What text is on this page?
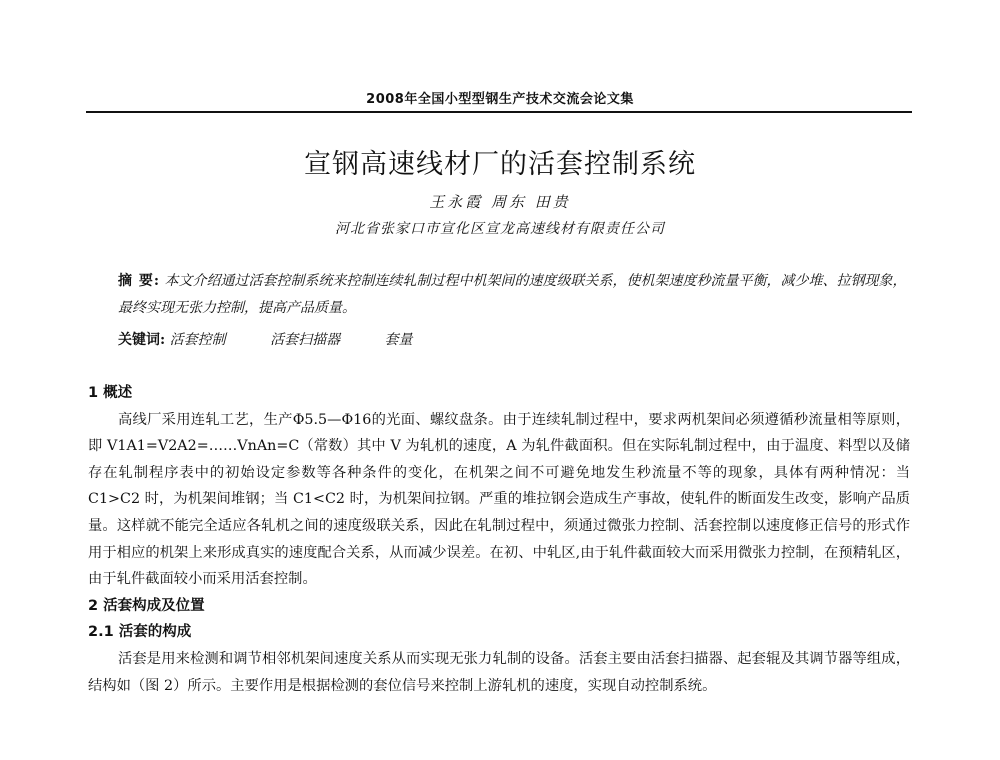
2008年全国小型型钢生产技术交流会论文集
宣钢高速线材厂的活套控制系统
王永霞 周东 田贵
河北省张家口市宣化区宣龙高速线材有限责任公司

摘 要: 本文介绍通过活套控制系统来控制连续轧制过程中机架间的速度级联关系，使机架速度秒流量平衡，减少堆、拉钢现象，最终实现无张力控制，提高产品质量。

关键词: 活套控制	活套扫描器	套量
1 概述

高线厂采用连轧工艺，生产Φ5.5—Φ16的光面、螺纹盘条。由于连续轧制过程中，要求两机架间必须遵循秒流量相等原则，即 V1A1=V2A2=……VnAn=C（常数）其中 V 为轧机的速度，A 为轧件截面积。但在实际轧制过程中，由于温度、料型以及储存在轧制程序表中的初始设定参数等各种条件的变化，在机架之间不可避免地发生秒流量不等的现象，具体有两种情况：当 C1>C2 时，为机架间堆钢；当 C1<C2 时，为机架间拉钢。严重的堆拉钢会造成生产事故，使轧件的断面发生改变，影响产品质量。这样就不能完全适应各轧机之间的速度级联关系，因此在轧制过程中，须通过微张力控制、活套控制以速度修正信号的形式作用于相应的机架上来形成真实的速度配合关系，从而减少误差。在初、中轧区,由于轧件截面较大而采用微张力控制，在预精轧区，由于轧件截面较小而采用活套控制。

2 活套构成及位置
2.1 活套的构成

活套是用来检测和调节相邻机架间速度关系从而实现无张力轧制的设备。活套主要由活套扫描器、起套辊及其调节器等组成，结构如（图 2）所示。主要作用是根据检测的套位信号来控制上游轧机的速度，实现自动控制系统。
